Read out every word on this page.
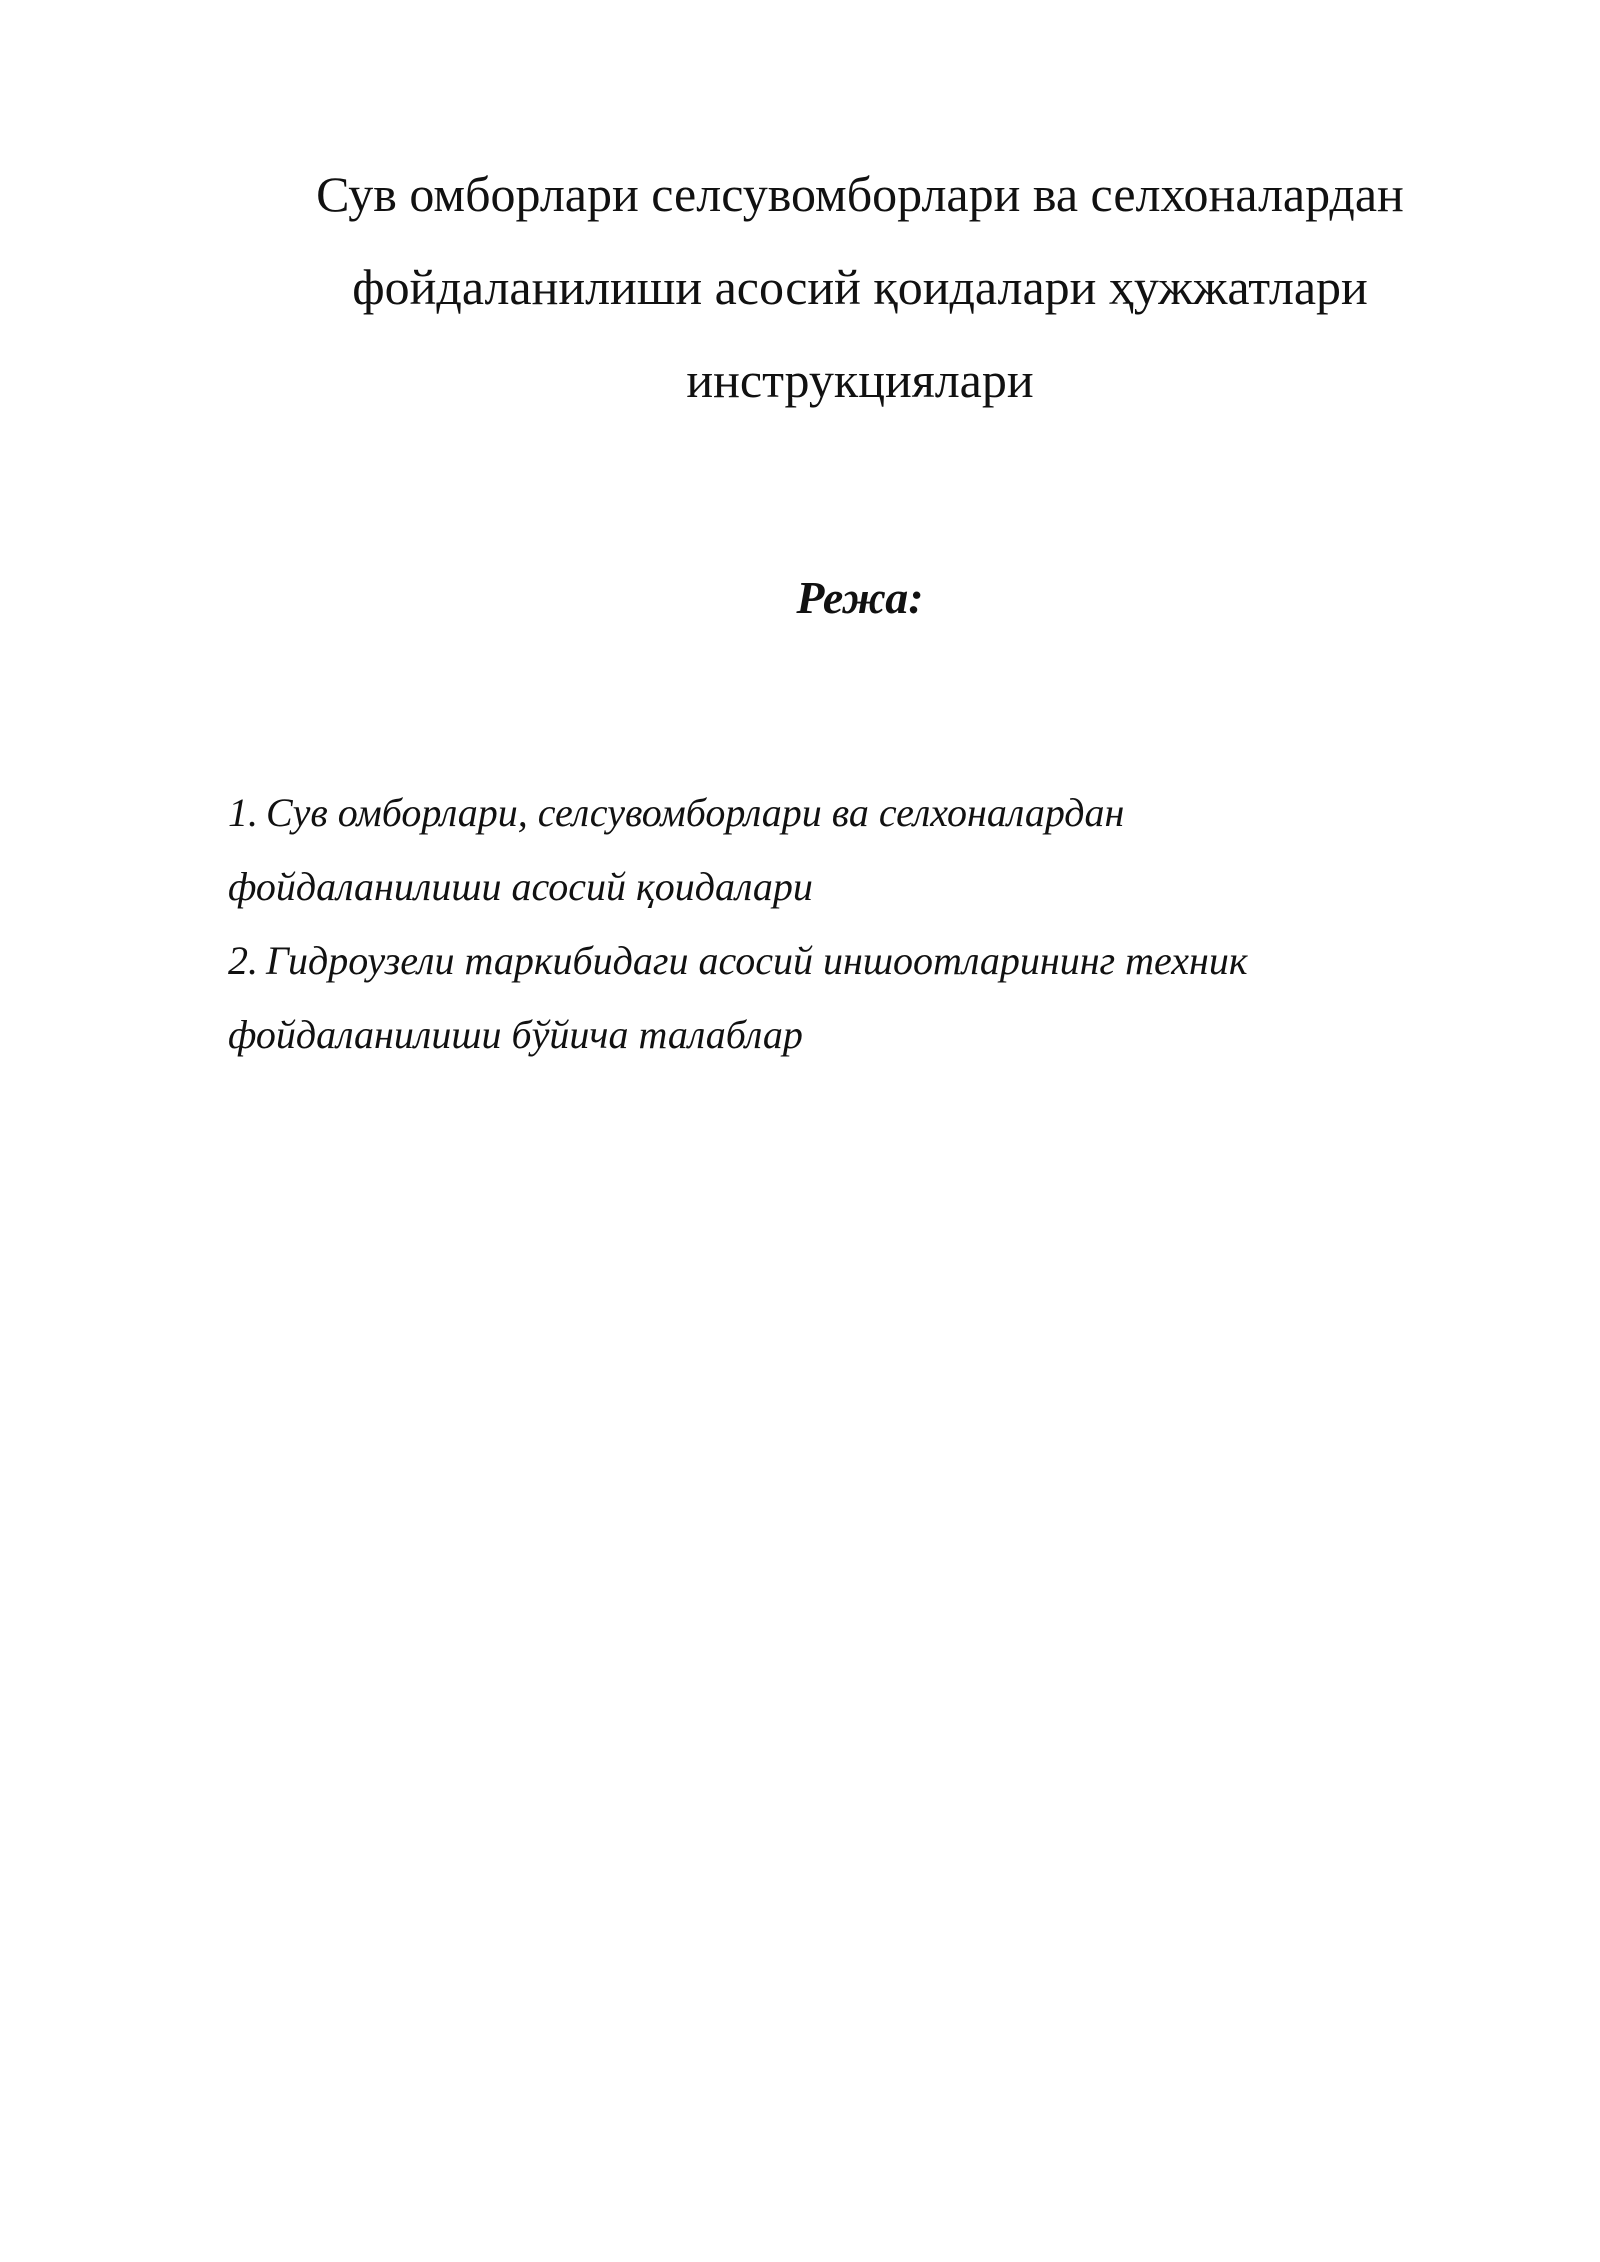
Сув омборлари селсувомборлари ва селхоналардан
фойдаланилиши асосий қоидалари ҳужжатлари
инструкциялари
Режа:
1. Сув омборлари, селсувомборлари ва селхоналардан
фойдаланилиши асосий қоидалари
2. Гидроузели таркибидаги асосий иншоотларининг техник
фойдаланилиши бўйича талаблар
